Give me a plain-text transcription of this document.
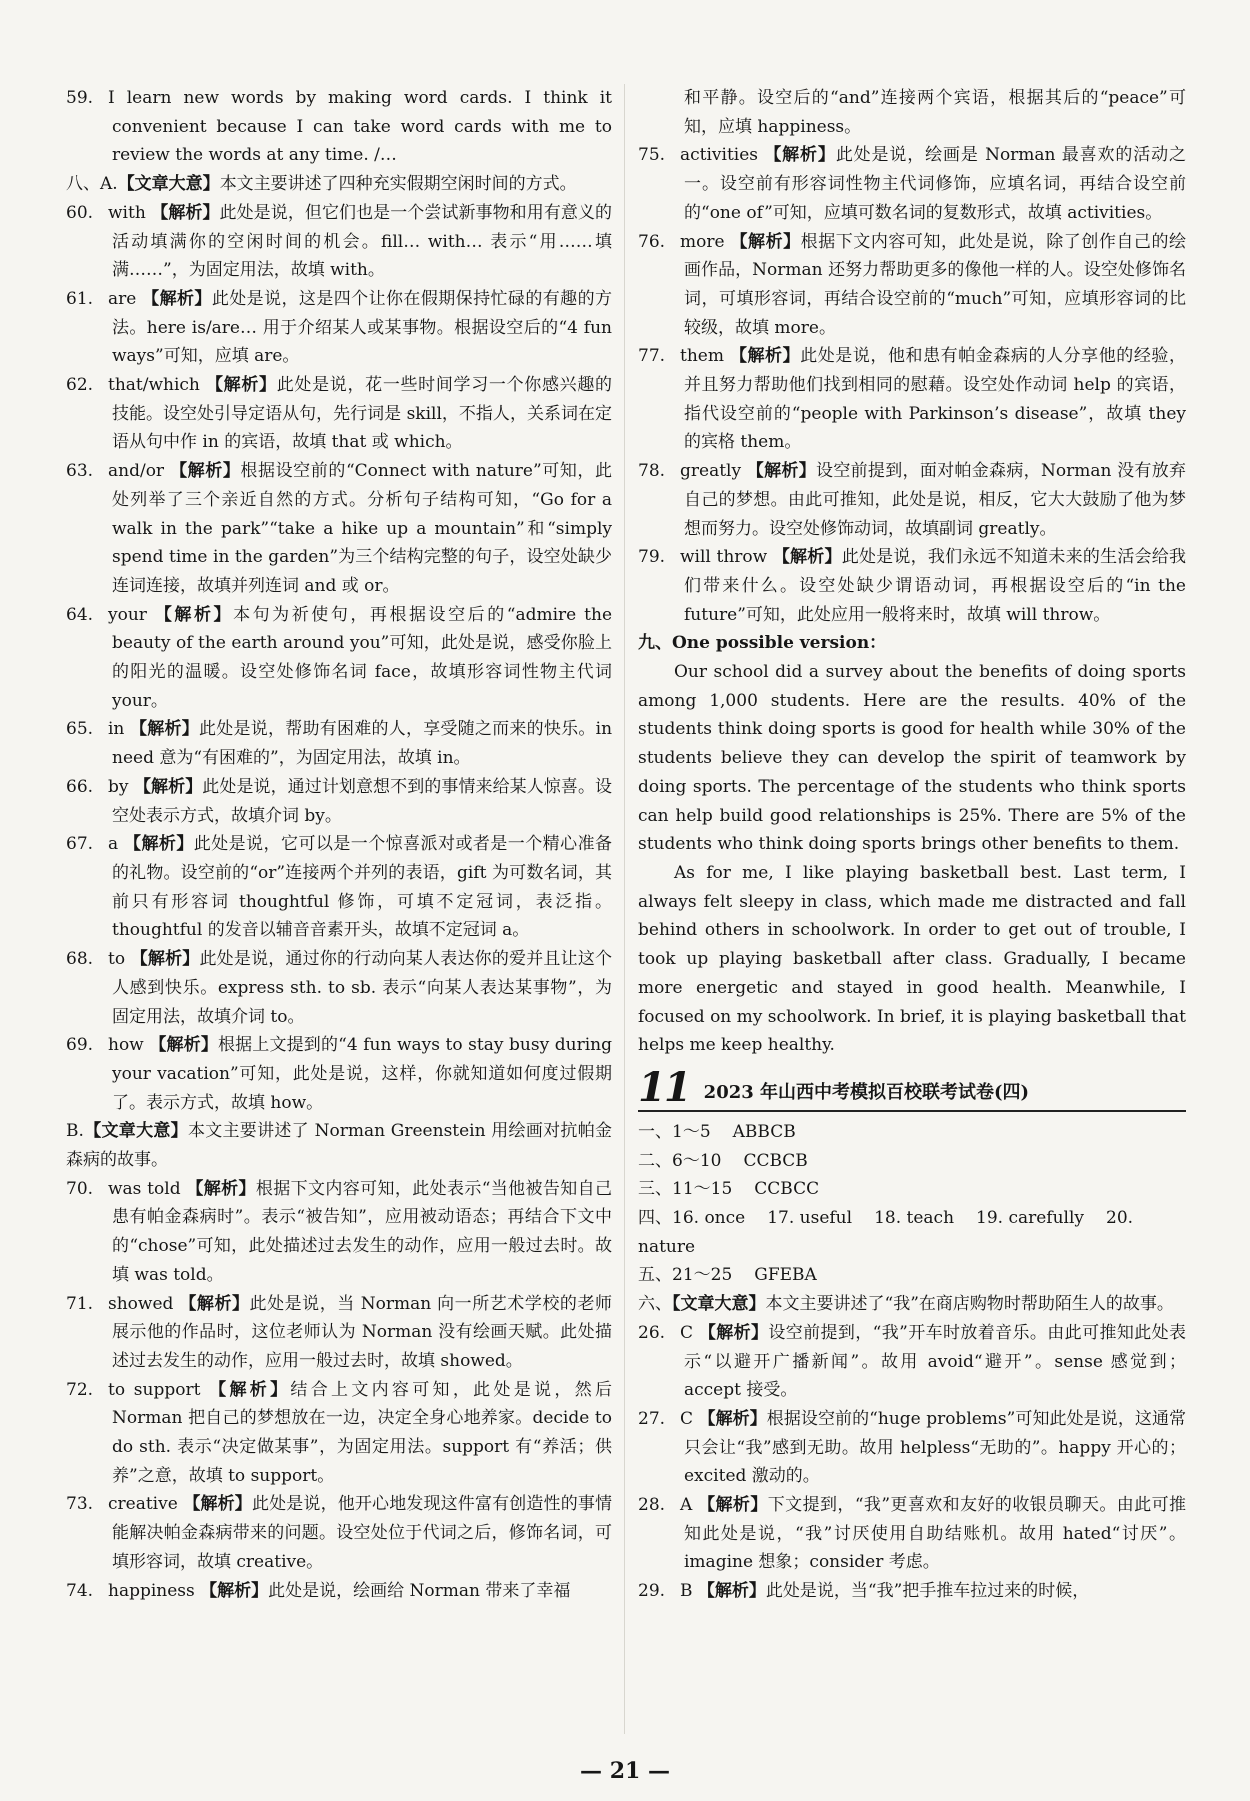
59. I learn new words by making word cards. I think it convenient because I can take word cards with me to review the words at any time. /…

八、A.【文章大意】本文主要讲述了四种充实假期空闲时间的方式。

60. with 【解析】此处是说，但它们也是一个尝试新事物和用有意义的活动填满你的空闲时间的机会。fill… with… 表示“用……填满……”，为固定用法，故填 with。

61. are 【解析】此处是说，这是四个让你在假期保持忙碌的有趣的方法。here is/are… 用于介绍某人或某事物。根据设空后的“4 fun ways”可知，应填 are。

62. that/which 【解析】此处是说，花一些时间学习一个你感兴趣的技能。设空处引导定语从句，先行词是 skill，不指人，关系词在定语从句中作 in 的宾语，故填 that 或 which。

63. and/or 【解析】根据设空前的“Connect with nature”可知，此处列举了三个亲近自然的方式。分析句子结构可知，“Go for a walk in the park”“take a hike up a mountain”和“simply spend time in the garden”为三个结构完整的句子，设空处缺少连词连接，故填并列连词 and 或 or。

64. your 【解析】本句为祈使句，再根据设空后的“admire the beauty of the earth around you”可知，此处是说，感受你脸上的阳光的温暖。设空处修饰名词 face，故填形容词性物主代词 your。

65. in 【解析】此处是说，帮助有困难的人，享受随之而来的快乐。in need 意为“有困难的”，为固定用法，故填 in。

66. by 【解析】此处是说，通过计划意想不到的事情来给某人惊喜。设空处表示方式，故填介词 by。

67. a 【解析】此处是说，它可以是一个惊喜派对或者是一个精心准备的礼物。设空前的“or”连接两个并列的表语，gift 为可数名词，其前只有形容词 thoughtful 修饰，可填不定冠词，表泛指。thoughtful 的发音以辅音音素开头，故填不定冠词 a。

68. to 【解析】此处是说，通过你的行动向某人表达你的爱并且让这个人感到快乐。express sth. to sb. 表示“向某人表达某事物”，为固定用法，故填介词 to。

69. how 【解析】根据上文提到的“4 fun ways to stay busy during your vacation”可知，此处是说，这样，你就知道如何度过假期了。表示方式，故填 how。

B.【文章大意】本文主要讲述了 Norman Greenstein 用绘画对抗帕金森病的故事。

70. was told 【解析】根据下文内容可知，此处表示“当他被告知自己患有帕金森病时”。表示“被告知”，应用被动语态；再结合下文中的“chose”可知，此处描述过去发生的动作，应用一般过去时。故填 was told。

71. showed 【解析】此处是说，当 Norman 向一所艺术学校的老师展示他的作品时，这位老师认为 Norman 没有绘画天赋。此处描述过去发生的动作，应用一般过去时，故填 showed。

72. to support 【解析】结合上文内容可知，此处是说，然后 Norman 把自己的梦想放在一边，决定全身心地养家。decide to do sth. 表示“决定做某事”，为固定用法。support 有“养活；供养”之意，故填 to support。

73. creative 【解析】此处是说，他开心地发现这件富有创造性的事情能解决帕金森病带来的问题。设空处位于代词之后，修饰名词，可填形容词，故填 creative。

74. happiness 【解析】此处是说，绘画给 Norman 带来了幸福

和平静。设空后的“and”连接两个宾语，根据其后的“peace”可知，应填 happiness。

75. activities 【解析】此处是说，绘画是 Norman 最喜欢的活动之一。设空前有形容词性物主代词修饰，应填名词，再结合设空前的“one of”可知，应填可数名词的复数形式，故填 activities。

76. more 【解析】根据下文内容可知，此处是说，除了创作自己的绘画作品，Norman 还努力帮助更多的像他一样的人。设空处修饰名词，可填形容词，再结合设空前的“much”可知，应填形容词的比较级，故填 more。

77. them 【解析】此处是说，他和患有帕金森病的人分享他的经验，并且努力帮助他们找到相同的慰藉。设空处作动词 help 的宾语，指代设空前的“people with Parkinson’s disease”，故填 they 的宾格 them。

78. greatly 【解析】设空前提到，面对帕金森病，Norman 没有放弃自己的梦想。由此可推知，此处是说，相反，它大大鼓励了他为梦想而努力。设空处修饰动词，故填副词 greatly。

79. will throw 【解析】此处是说，我们永远不知道未来的生活会给我们带来什么。设空处缺少谓语动词，再根据设空后的“in the future”可知，此处应用一般将来时，故填 will throw。

九、One possible version：

Our school did a survey about the benefits of doing sports among 1,000 students. Here are the results. 40% of the students think doing sports is good for health while 30% of the students believe they can develop the spirit of teamwork by doing sports. The percentage of the students who think sports can help build good relationships is 25%. There are 5% of the students who think doing sports brings other benefits to them.

As for me, I like playing basketball best. Last term, I always felt sleepy in class, which made me distracted and fall behind others in schoolwork. In order to get out of trouble, I took up playing basketball after class. Gradually, I became more energetic and stayed in good health. Meanwhile, I focused on my schoolwork. In brief, it is playing basketball that helps me keep healthy.

11 2023 年山西中考模拟百校联考试卷(四)

一、1～5 ABBCB

二、6～10 CCBCB

三、11～15 CCBCC

四、16. once 17. useful 18. teach 19. carefully 20. nature

五、21～25 GFEBA

六、【文章大意】本文主要讲述了“我”在商店购物时帮助陌生人的故事。

26. C 【解析】设空前提到，“我”开车时放着音乐。由此可推知此处表示“以避开广播新闻”。故用 avoid“避开”。sense 感觉到；accept 接受。

27. C 【解析】根据设空前的“huge problems”可知此处是说，这通常只会让“我”感到无助。故用 helpless“无助的”。happy 开心的；excited 激动的。

28. A 【解析】下文提到，“我”更喜欢和友好的收银员聊天。由此可推知此处是说，“我”讨厌使用自助结账机。故用 hated“讨厌”。imagine 想象；consider 考虑。

29. B 【解析】此处是说，当“我”把手推车拉过来的时候，

— 21 —
